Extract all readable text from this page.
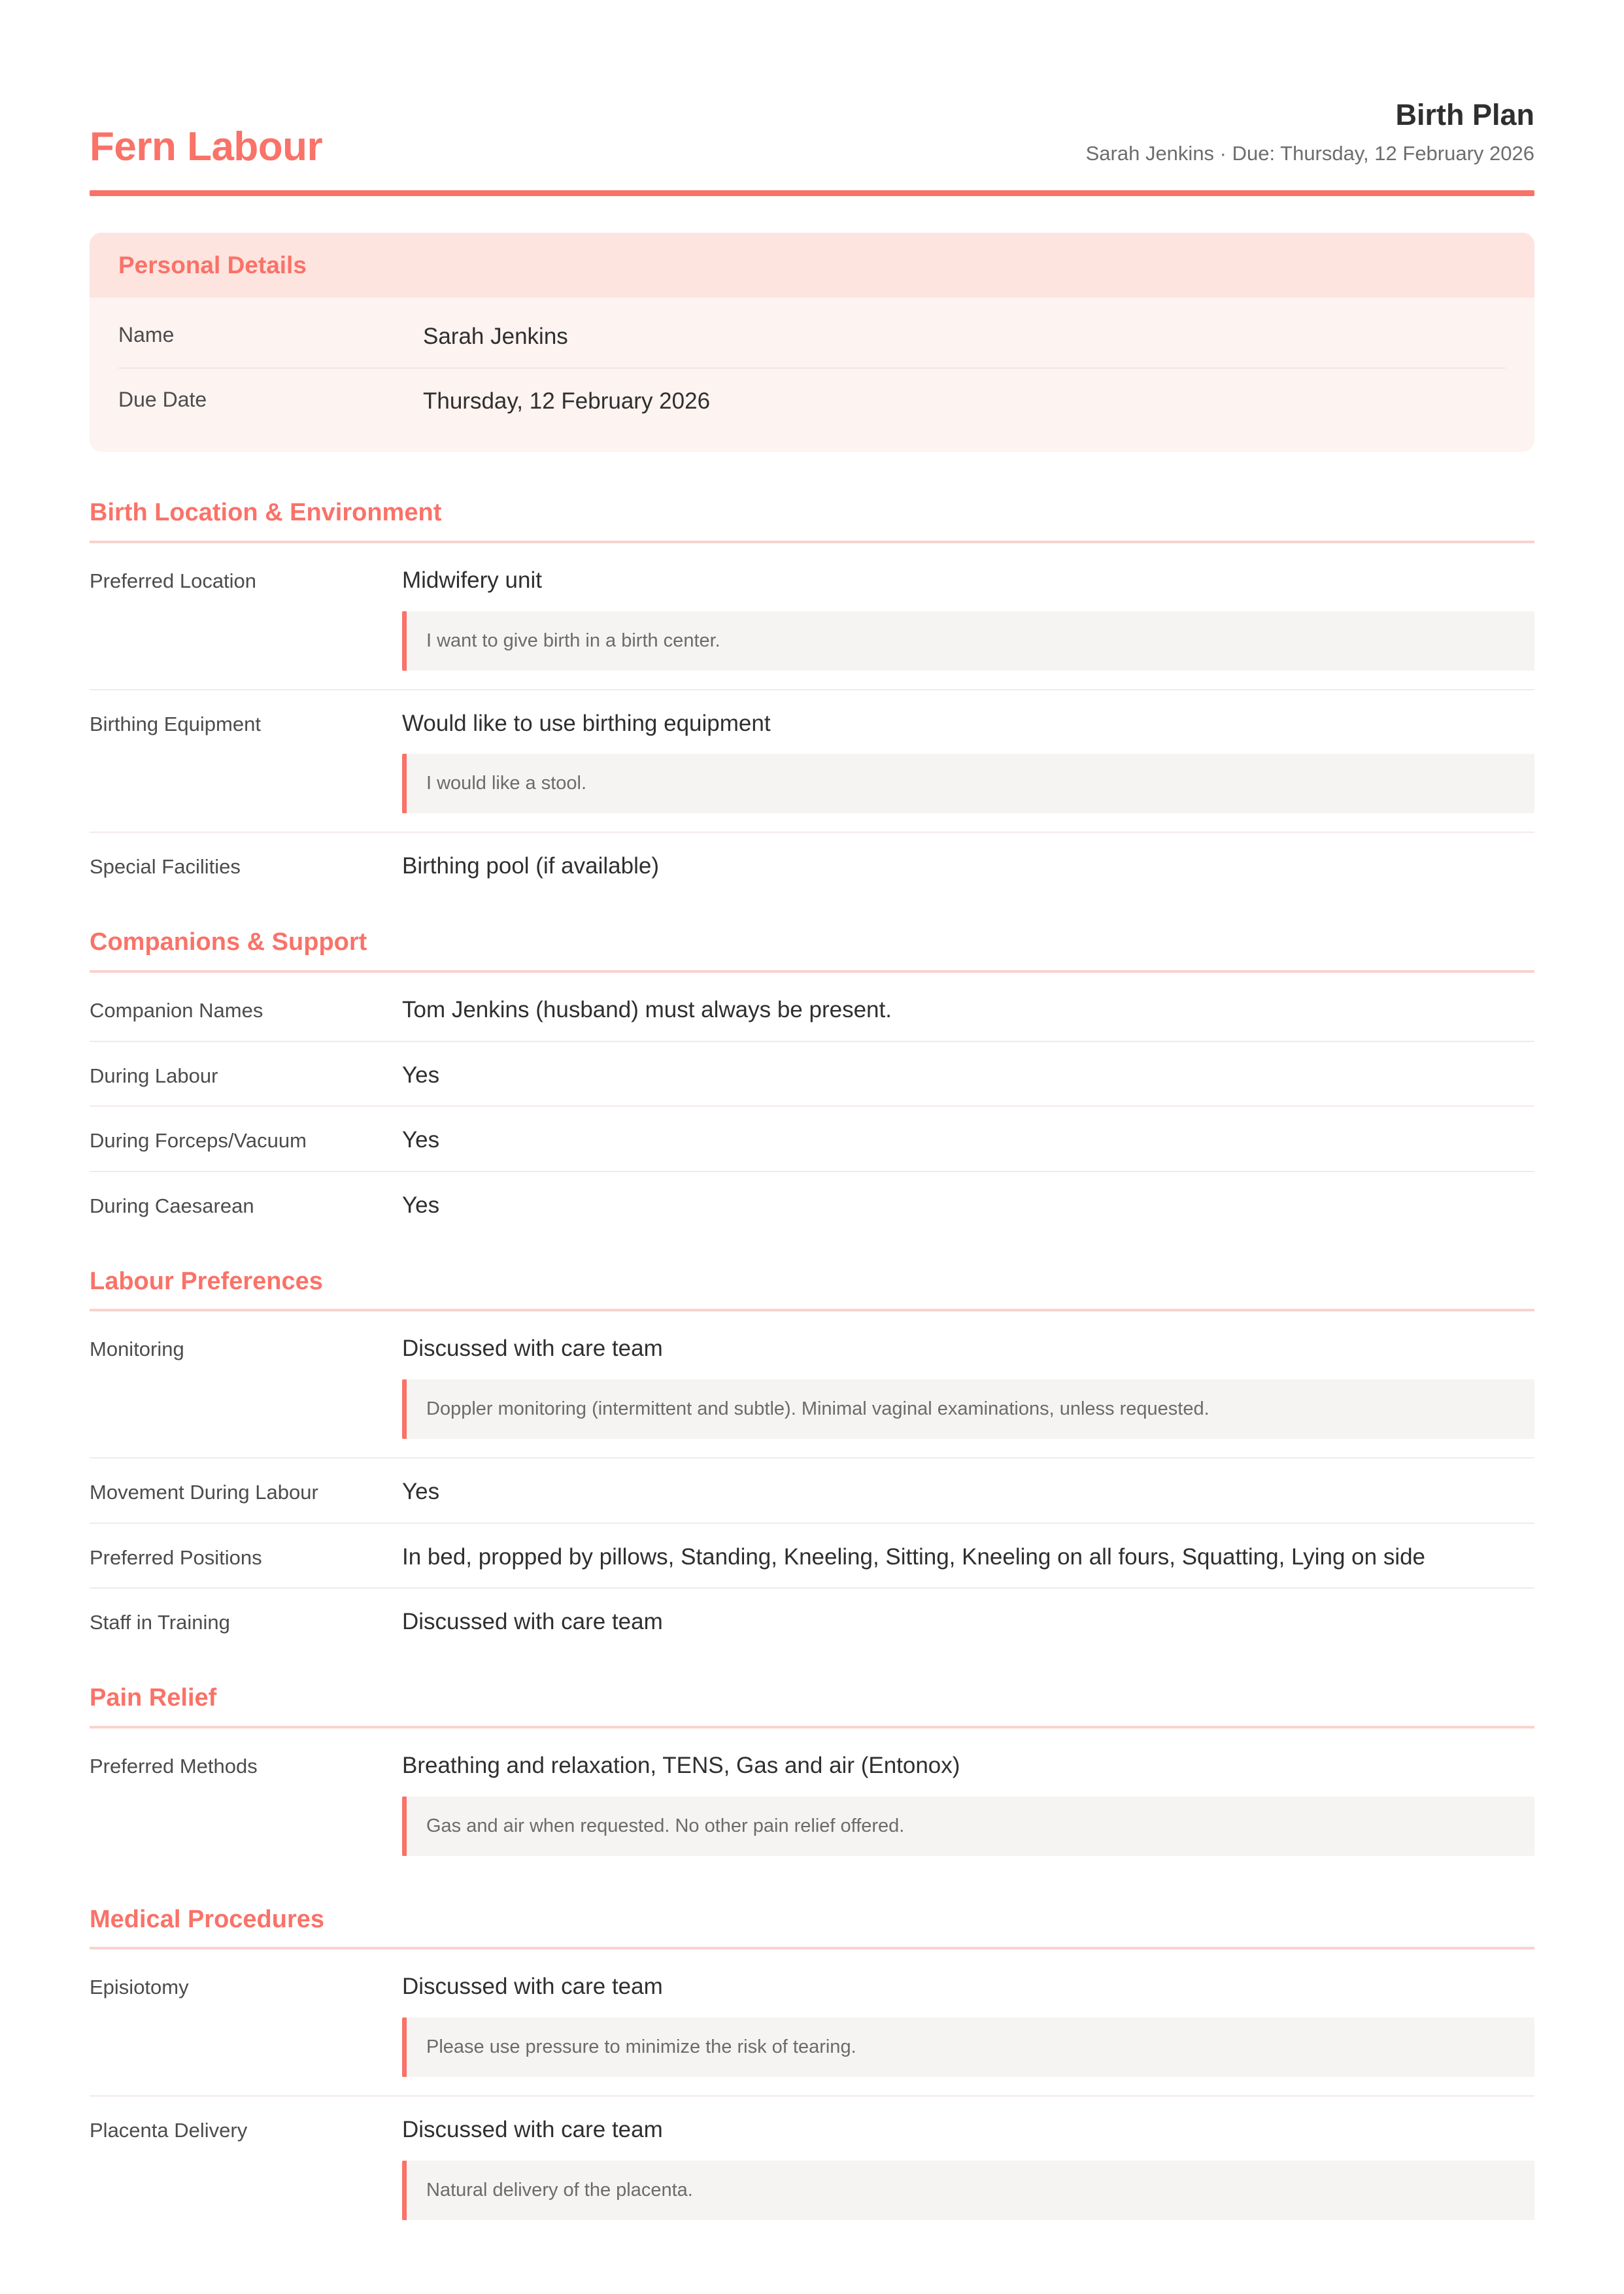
Fern Labour
Birth Plan
Sarah Jenkins · Due: Thursday, 12 February 2026
Personal Details
Name	Sarah Jenkins
Due Date	Thursday, 12 February 2026
Birth Location & Environment
Preferred Location	Midwifery unit
I want to give birth in a birth center.
Birthing Equipment	Would like to use birthing equipment
I would like a stool.
Special Facilities	Birthing pool (if available)
Companions & Support
Companion Names	Tom Jenkins (husband) must always be present.
During Labour	Yes
During Forceps/Vacuum	Yes
During Caesarean	Yes
Labour Preferences
Monitoring	Discussed with care team
Doppler monitoring (intermittent and subtle). Minimal vaginal examinations, unless requested.
Movement During Labour	Yes
Preferred Positions	In bed, propped by pillows, Standing, Kneeling, Sitting, Kneeling on all fours, Squatting, Lying on side
Staff in Training	Discussed with care team
Pain Relief
Preferred Methods	Breathing and relaxation, TENS, Gas and air (Entonox)
Gas and air when requested. No other pain relief offered.
Medical Procedures
Episiotomy	Discussed with care team
Please use pressure to minimize the risk of tearing.
Placenta Delivery	Discussed with care team
Natural delivery of the placenta.
